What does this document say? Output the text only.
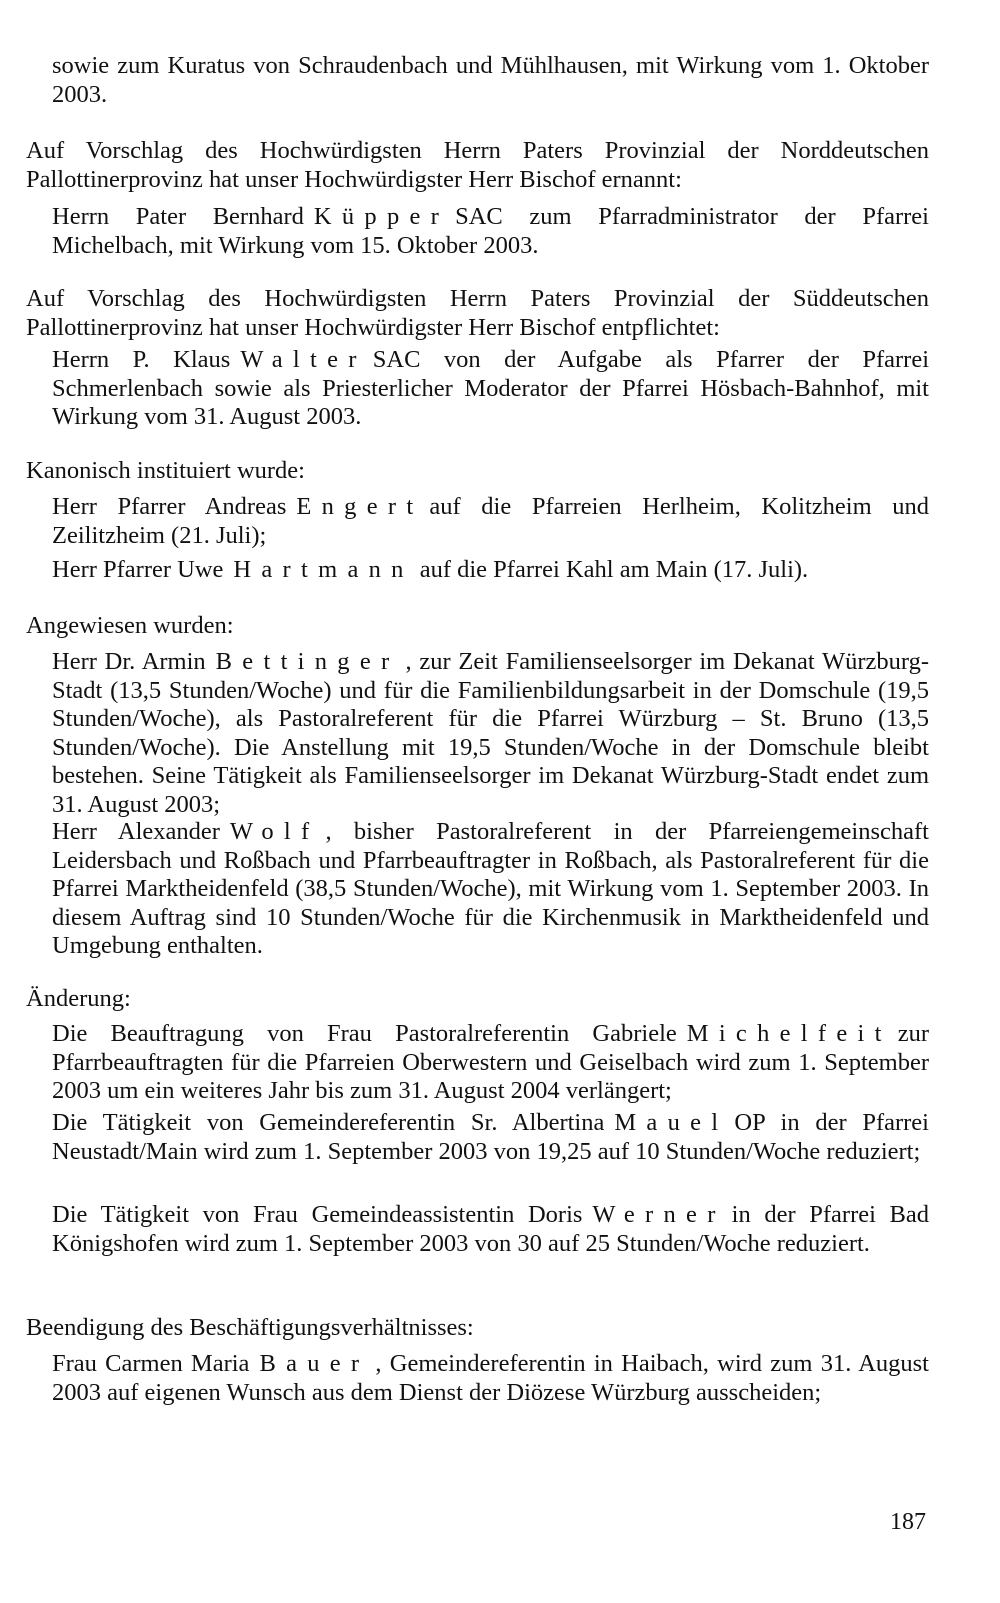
sowie zum Kuratus von Schraudenbach und Mühlhausen, mit Wirkung vom 1. Oktober 2003.

Auf Vorschlag des Hochwürdigsten Herrn Paters Provinzial der Norddeutschen Pallottinerprovinz hat unser Hochwürdigster Herr Bischof ernannt:

Herrn Pater Bernhard Küpper SAC zum Pfarradministrator der Pfarrei Michelbach, mit Wirkung vom 15. Oktober 2003.

Auf Vorschlag des Hochwürdigsten Herrn Paters Provinzial der Süddeutschen Pallottinerprovinz hat unser Hochwürdigster Herr Bischof entpflichtet:

Herrn P. Klaus Walter SAC von der Aufgabe als Pfarrer der Pfarrei Schmerlenbach sowie als Priesterlicher Moderator der Pfarrei Hösbach-Bahnhof, mit Wirkung vom 31. August 2003.

Kanonisch instituiert wurde:

Herr Pfarrer Andreas Engert auf die Pfarreien Herlheim, Kolitzheim und Zeilitzheim (21. Juli);

Herr Pfarrer Uwe Hartmann auf die Pfarrei Kahl am Main (17. Juli).

Angewiesen wurden:

Herr Dr. Armin Bettinger , zur Zeit Familienseelsorger im Dekanat Würzburg-Stadt (13,5 Stunden/Woche) und für die Familienbildungsarbeit in der Domschule (19,5 Stunden/Woche), als Pastoralreferent für die Pfarrei Würzburg – St. Bruno (13,5 Stunden/Woche). Die Anstellung mit 19,5 Stunden/Woche in der Domschule bleibt bestehen. Seine Tätigkeit als Familienseelsorger im Dekanat Würzburg-Stadt endet zum 31. August 2003;

Herr Alexander Wolf , bisher Pastoralreferent in der Pfarreiengemeinschaft Leidersbach und Roßbach und Pfarrbeauftragter in Roßbach, als Pastoralreferent für die Pfarrei Marktheidenfeld (38,5 Stunden/Woche), mit Wirkung vom 1. September 2003. In diesem Auftrag sind 10 Stunden/Woche für die Kirchenmusik in Marktheidenfeld und Umgebung enthalten.

Änderung:

Die Beauftragung von Frau Pastoralreferentin Gabriele Michelfeit zur Pfarrbeauftragten für die Pfarreien Oberwestern und Geiselbach wird zum 1. September 2003 um ein weiteres Jahr bis zum 31. August 2004 verlängert;

Die Tätigkeit von Gemeindereferentin Sr. Albertina Mauel OP in der Pfarrei Neustadt/Main wird zum 1. September 2003 von 19,25 auf 10 Stunden/Woche reduziert;

Die Tätigkeit von Frau Gemeindeassistentin Doris Werner in der Pfarrei Bad Königshofen wird zum 1. September 2003 von 30 auf 25 Stunden/Woche reduziert.

Beendigung des Beschäftigungsverhältnisses:

Frau Carmen Maria Bauer , Gemeindereferentin in Haibach, wird zum 31. August 2003 auf eigenen Wunsch aus dem Dienst der Diözese Würzburg ausscheiden;

187
